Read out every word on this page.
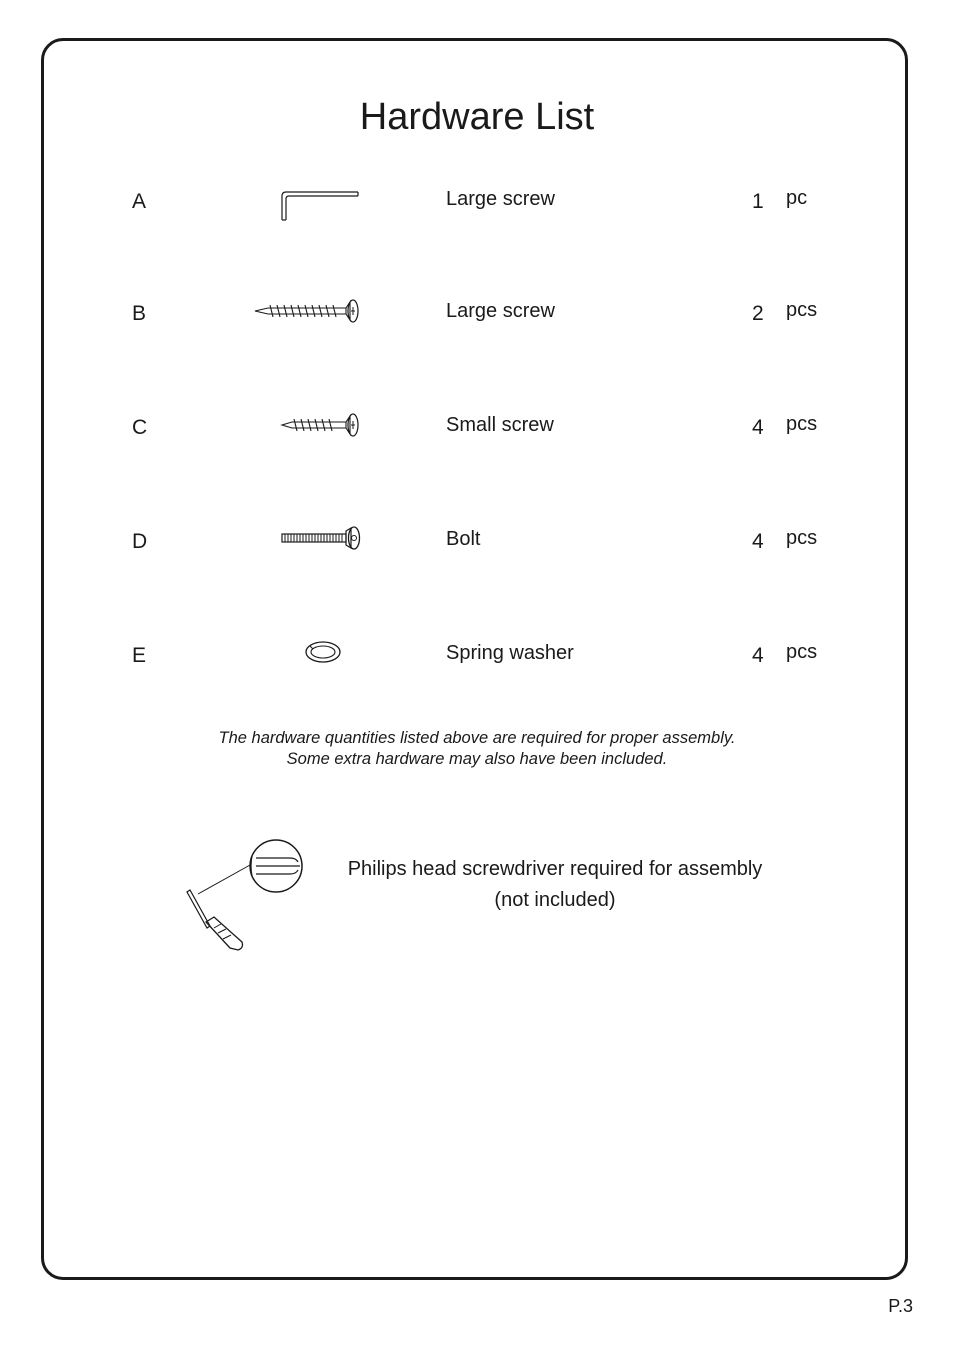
Hardware List
A	Large screw	1 pc
B	Large screw	2 pcs
C	Small screw	4 pcs
D	Bolt	4 pcs
E	Spring washer	4 pcs
The hardware quantities listed above are required for proper assembly.
Some extra hardware may also have been included.
Philips head screwdriver required for assembly
(not included)
P.3
